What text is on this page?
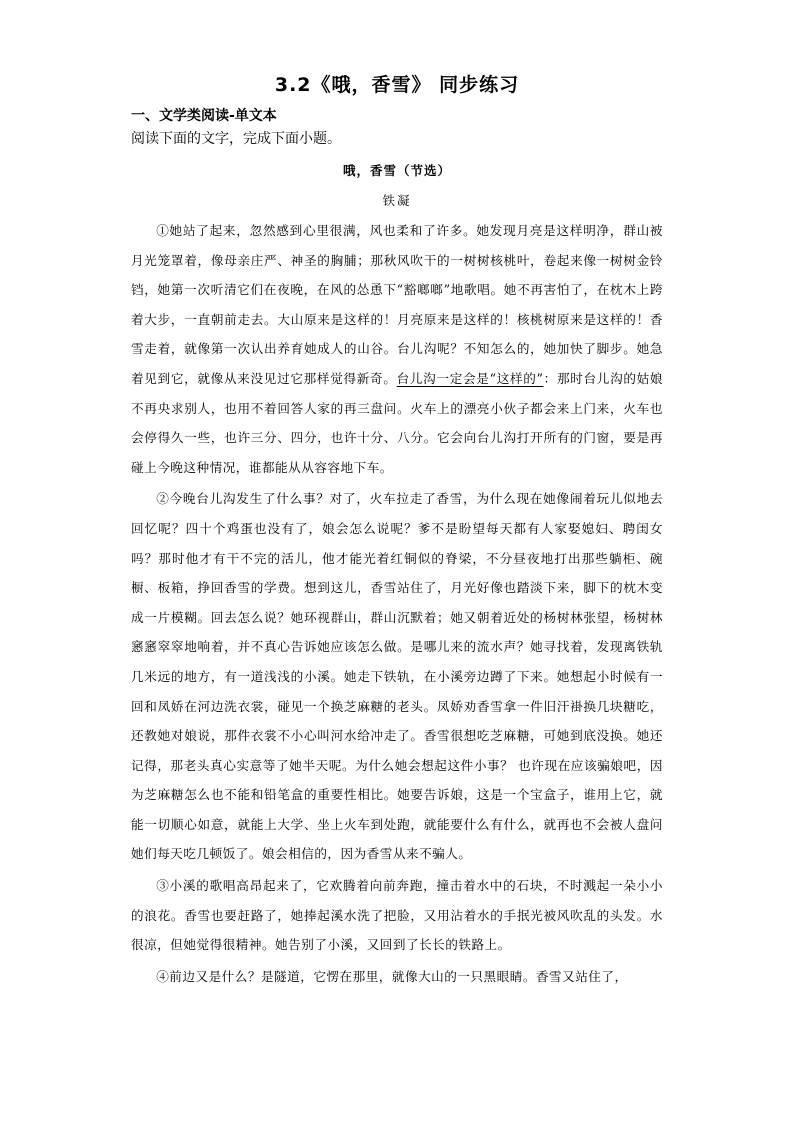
3.2《哦，香雪》 同步练习
一、文学类阅读-单文本
阅读下面的文字，完成下面小题。
哦，香雪（节选）
铁凝

①她站了起来，忽然感到心里很满，风也柔和了许多。她发现月亮是这样明净，群山被月光笼罩着，像母亲庄严、神圣的胸脯；那秋风吹干的一树树核桃叶，卷起来像一树树金铃铛，她第一次听清它们在夜晚，在风的怂恿下“豁啷啷”地歌唱。她不再害怕了，在枕木上跨着大步，一直朝前走去。大山原来是这样的！月亮原来是这样的！核桃树原来是这样的！香雪走着，就像第一次认出养育她成人的山谷。台儿沟呢？不知怎么的，她加快了脚步。她急着见到它，就像从来没见过它那样觉得新奇。台儿沟一定会是“这样的”：那时台儿沟的姑娘不再央求别人，也用不着回答人家的再三盘问。火车上的漂亮小伙子都会来上门来，火车也会停得久一些，也许三分、四分，也许十分、八分。它会向台儿沟打开所有的门窗，要是再碰上今晚这种情况，谁都能从从容容地下车。

②今晚台儿沟发生了什么事？对了，火车拉走了香雪，为什么现在她像闹着玩儿似地去回忆呢？四十个鸡蛋也没有了，娘会怎么说呢？爹不是盼望每天都有人家娶媳妇、聘闺女吗？那时他才有干不完的活儿，他才能光着红铜似的脊梁，不分昼夜地打出那些躺柜、碗橱、板箱，挣回香雪的学费。想到这儿，香雪站住了，月光好像也踏淡下来，脚下的枕木变成一片模糊。回去怎么说？她环视群山，群山沉默着；她又朝着近处的杨树林张望，杨树林窸窸窣窣地响着，并不真心告诉她应该怎么做。是哪儿来的流水声？她寻找着，发现离铁轨几米远的地方，有一道浅浅的小溪。她走下铁轨，在小溪旁边蹲了下来。她想起小时候有一回和凤娇在河边洗衣裳，碰见一个换芝麻糖的老头。凤娇劝香雪拿一件旧汗褂换几块糖吃，还教她对娘说，那件衣裳不小心叫河水给冲走了。香雪很想吃芝麻糖，可她到底没换。她还记得，那老头真心实意等了她半天呢。为什么她会想起这件小事？ 也许现在应该骗娘吧，因为芝麻糖怎么也不能和铅笔盒的重要性相比。她要告诉娘，这是一个宝盒子，谁用上它，就能一切顺心如意，就能上大学、坐上火车到处跑，就能要什么有什么，就再也不会被人盘问她们每天吃几顿饭了。娘会相信的，因为香雪从来不骗人。

③小溪的歌唱高昂起来了，它欢腾着向前奔跑，撞击着水中的石块，不时溅起一朵小小的浪花。香雪也要赶路了，她捧起溪水洗了把脸，又用沾着水的手抿光被风吹乱的头发。水很凉，但她觉得很精神。她告别了小溪，又回到了长长的铁路上。

④前边又是什么？是隧道，它愣在那里，就像大山的一只黑眼睛。香雪又站住了，
